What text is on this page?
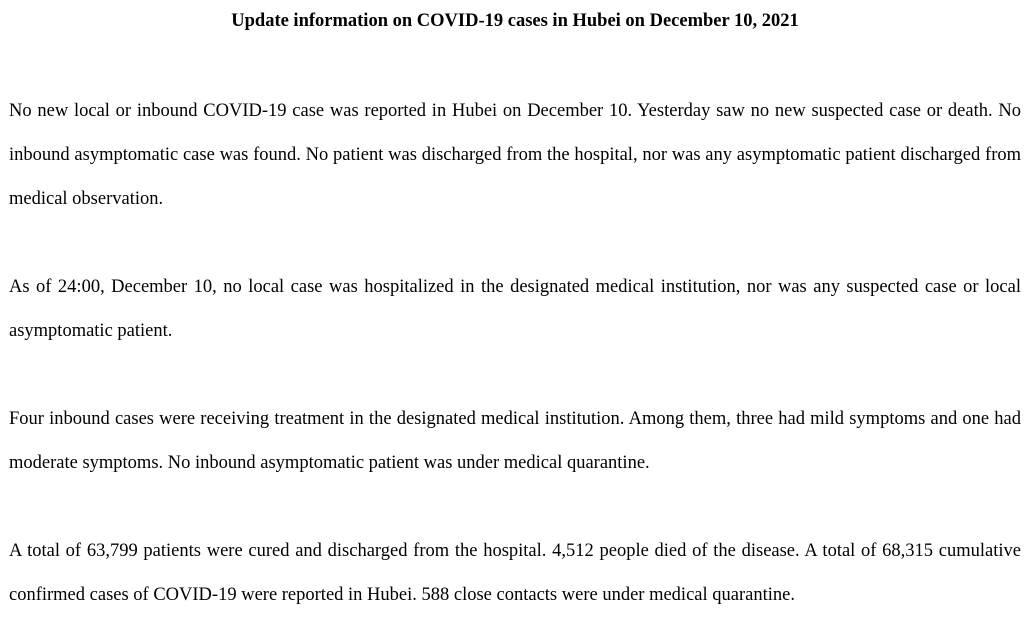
Update information on COVID-19 cases in Hubei on December 10, 2021

No new local or inbound COVID-19 case was reported in Hubei on December 10. Yesterday saw no new suspected case or death. No inbound asymptomatic case was found. No patient was discharged from the hospital, nor was any asymptomatic patient discharged from medical observation.

As of 24:00, December 10, no local case was hospitalized in the designated medical institution, nor was any suspected case or local asymptomatic patient.

Four inbound cases were receiving treatment in the designated medical institution. Among them, three had mild symptoms and one had moderate symptoms. No inbound asymptomatic patient was under medical quarantine.

A total of 63,799 patients were cured and discharged from the hospital. 4,512 people died of the disease. A total of 68,315 cumulative confirmed cases of COVID-19 were reported in Hubei. 588 close contacts were under medical quarantine.
